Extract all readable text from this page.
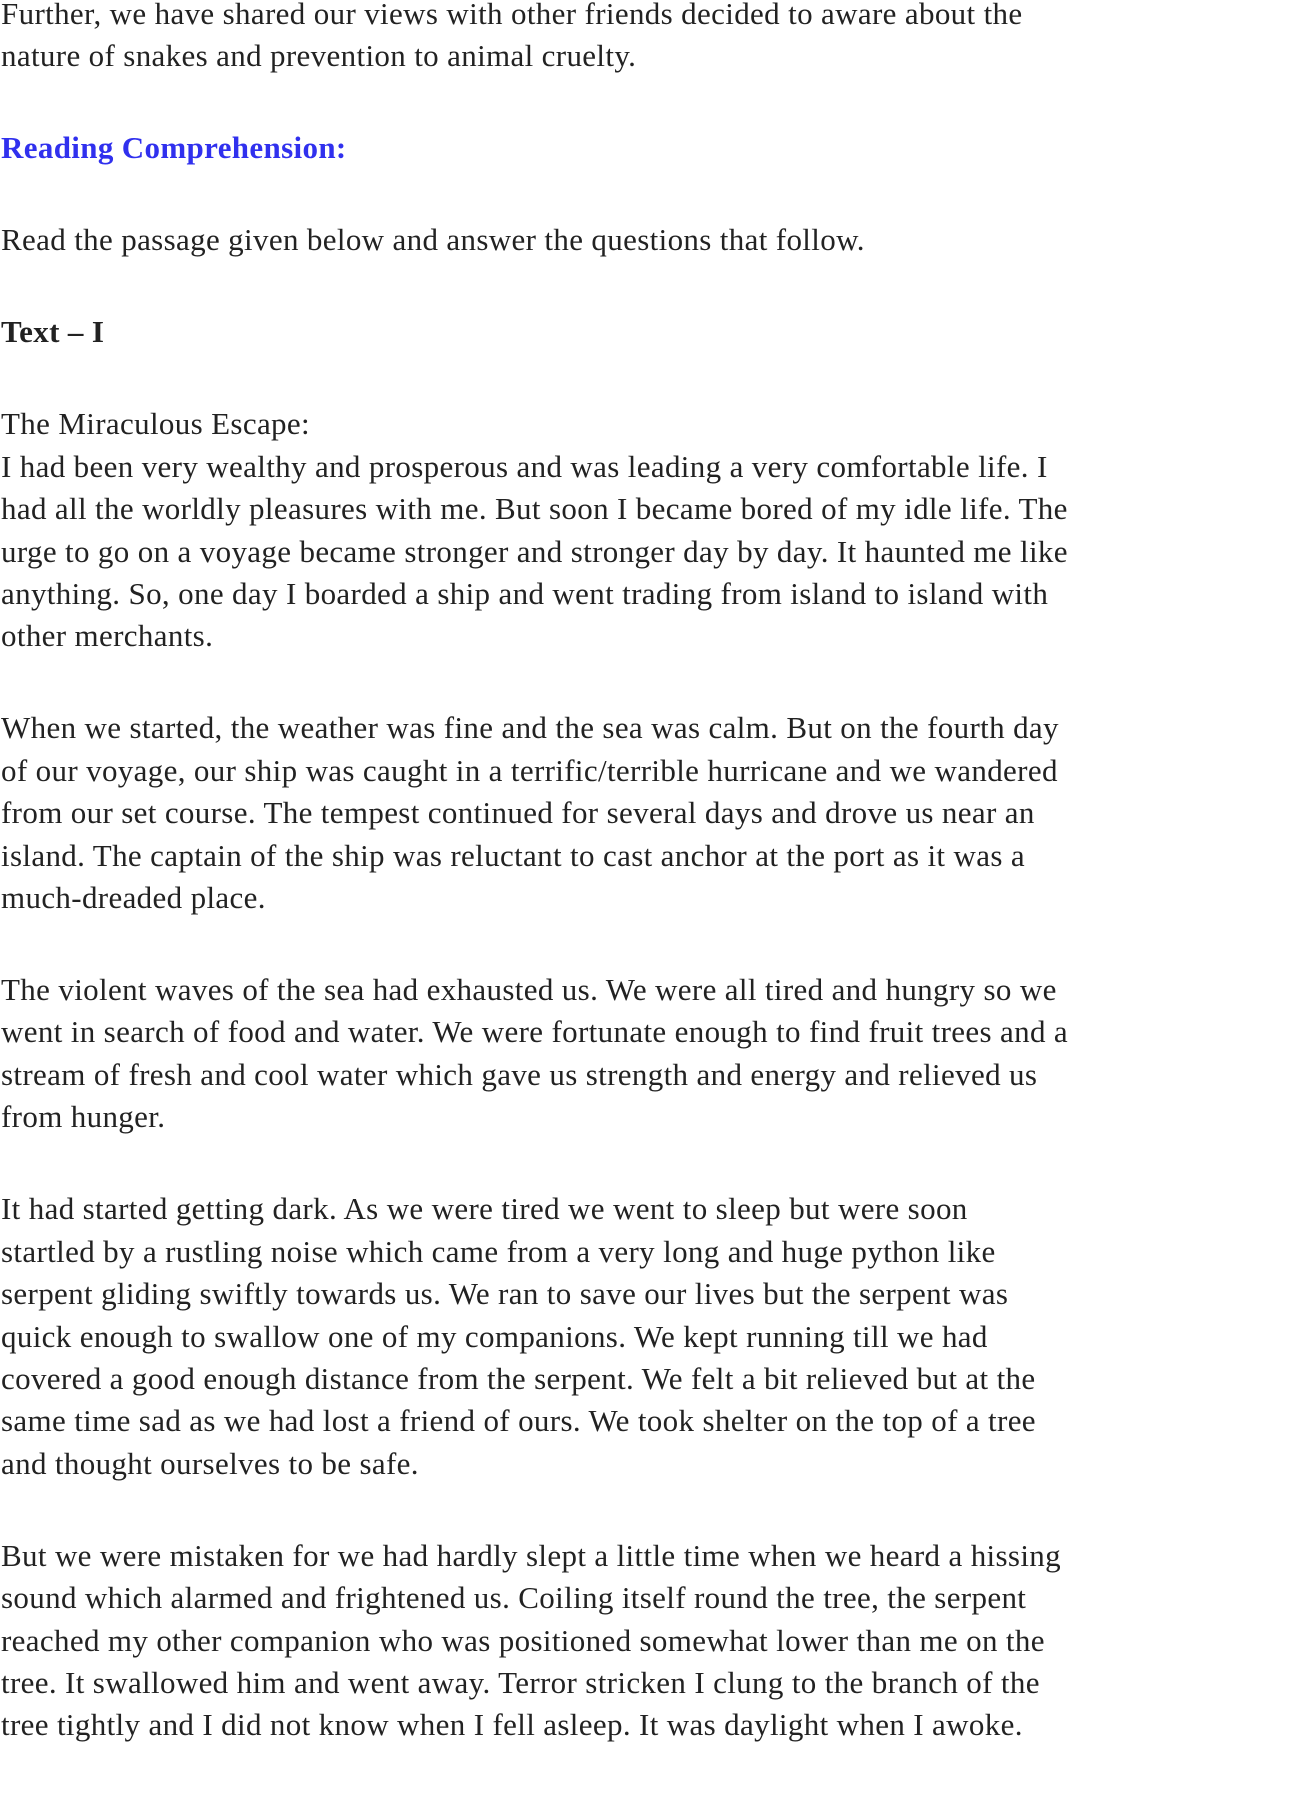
Further, we have shared our views with other friends decided to aware about the
nature of snakes and prevention to animal cruelty.
Reading Comprehension:
Read the passage given below and answer the questions that follow.
Text – I
The Miraculous Escape:
I had been very wealthy and prosperous and was leading a very comfortable life. I
had all the worldly pleasures with me. But soon I became bored of my idle life. The
urge to go on a voyage became stronger and stronger day by day. It haunted me like
anything. So, one day I boarded a ship and went trading from island to island with
other merchants.
When we started, the weather was fine and the sea was calm. But on the fourth day
of our voyage, our ship was caught in a terrific/terrible hurricane and we wandered
from our set course. The tempest continued for several days and drove us near an
island. The captain of the ship was reluctant to cast anchor at the port as it was a
much-dreaded place.
The violent waves of the sea had exhausted us. We were all tired and hungry so we
went in search of food and water. We were fortunate enough to find fruit trees and a
stream of fresh and cool water which gave us strength and energy and relieved us
from hunger.
It had started getting dark. As we were tired we went to sleep but were soon
startled by a rustling noise which came from a very long and huge python like
serpent gliding swiftly towards us. We ran to save our lives but the serpent was
quick enough to swallow one of my companions. We kept running till we had
covered a good enough distance from the serpent. We felt a bit relieved but at the
same time sad as we had lost a friend of ours. We took shelter on the top of a tree
and thought ourselves to be safe.
But we were mistaken for we had hardly slept a little time when we heard a hissing
sound which alarmed and frightened us. Coiling itself round the tree, the serpent
reached my other companion who was positioned somewhat lower than me on the
tree. It swallowed him and went away. Terror stricken I clung to the branch of the
tree tightly and I did not know when I fell asleep. It was daylight when I awoke.
